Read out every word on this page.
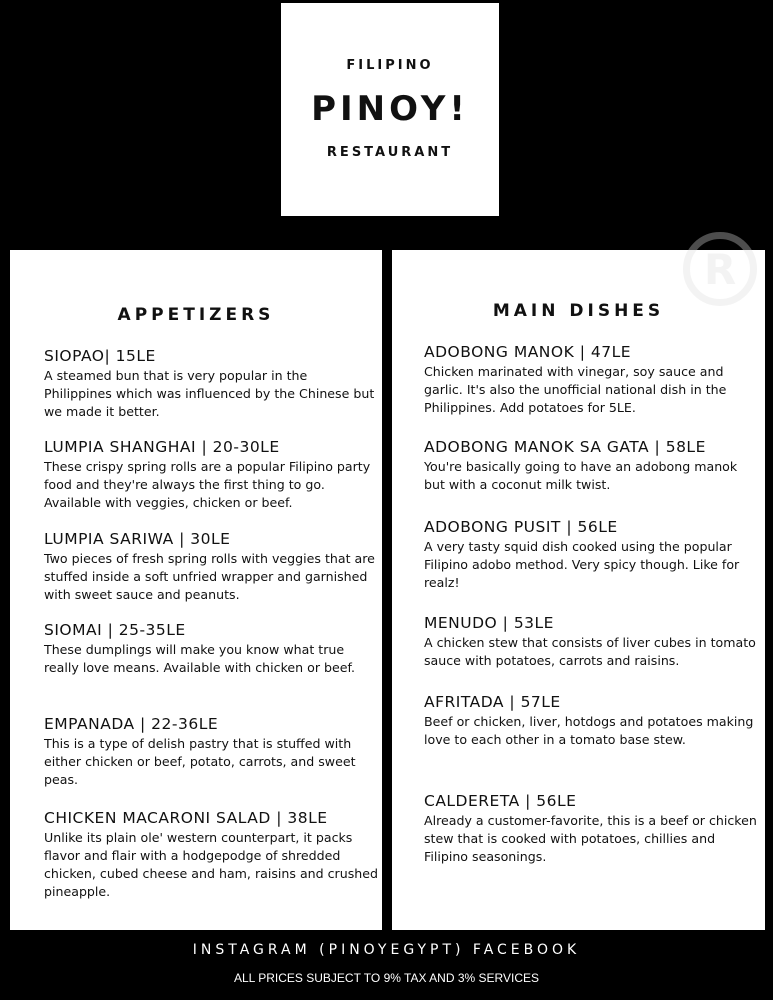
FILIPINO
PINOY!
RESTAURANT
APPETIZERS
SIOPAO| 15LE
A steamed bun that is very popular in the Philippines which was influenced by the Chinese but we made it better.
LUMPIA SHANGHAI | 20-30LE
These crispy spring rolls are a popular Filipino party food and they're always the first thing to go. Available with veggies, chicken or beef.
LUMPIA SARIWA | 30LE
Two pieces of fresh spring rolls with veggies that are stuffed inside a soft unfried wrapper and garnished with sweet sauce and peanuts.
SIOMAI | 25-35LE
These dumplings will make you know what true really love means. Available with chicken or beef.
EMPANADA | 22-36LE
This is a type of delish pastry that is stuffed with either chicken or beef, potato, carrots, and sweet peas.
CHICKEN MACARONI SALAD | 38LE
Unlike its plain ole' western counterpart, it packs flavor and flair with a hodgepodge of shredded chicken, cubed cheese and ham, raisins and crushed pineapple.
MAIN DISHES
ADOBONG MANOK | 47LE
Chicken marinated with vinegar, soy sauce and garlic. It's also the unofficial national dish in the Philippines. Add potatoes for 5LE.
ADOBONG MANOK SA GATA | 58LE
You're basically going to have an adobong manok but with a coconut milk twist.
ADOBONG PUSIT | 56LE
A very tasty squid dish cooked using the popular Filipino adobo method. Very spicy though. Like for realz!
MENUDO | 53LE
A chicken stew that consists of liver cubes in tomato sauce with potatoes, carrots and raisins.
AFRITADA | 57LE
Beef or chicken, liver, hotdogs and potatoes making love to each other in a tomato base stew.
CALDERETA | 56LE
Already a customer-favorite, this is a beef or chicken stew that is cooked with potatoes, chillies and Filipino seasonings.
R
INSTAGRAM (PINOYEGYPT) FACEBOOK
ALL PRICES SUBJECT TO 9% TAX AND 3% SERVICES
